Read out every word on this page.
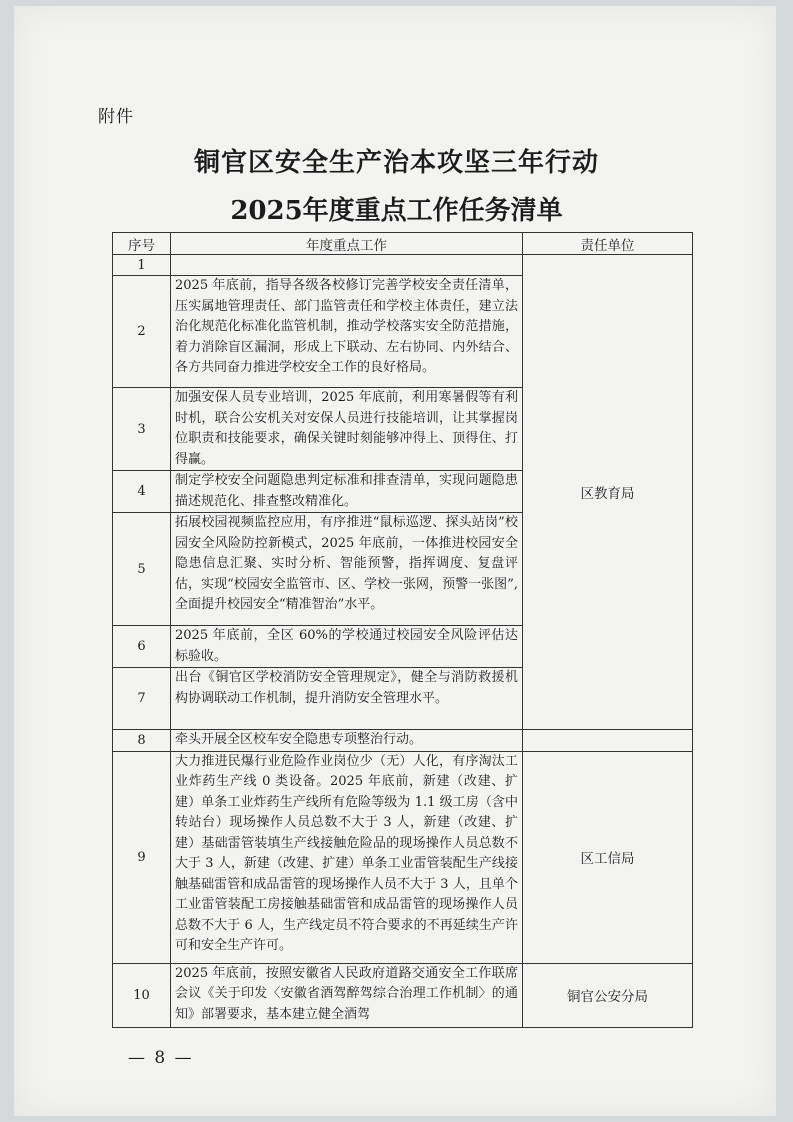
附件
铜官区安全生产治本攻坚三年行动
2025年度重点工作任务清单
序号	年度重点工作	责任单位
1		区教育局
2	2025 年底前，指导各级各校修订完善学校安全责任清单，压实属地管理责任、部门监管责任和学校主体责任，建立法治化规范化标准化监管机制，推动学校落实安全防范措施，着力消除盲区漏洞，形成上下联动、左右协同、内外结合、各方共同奋力推进学校安全工作的良好格局。	
3	加强安保人员专业培训，2025 年底前，利用寒暑假等有利时机，联合公安机关对安保人员进行技能培训，让其掌握岗位职责和技能要求，确保关键时刻能够冲得上、顶得住、打得赢。	
4	制定学校安全问题隐患判定标准和排查清单，实现问题隐患描述规范化、排查整改精准化。	
5	拓展校园视频监控应用，有序推进“鼠标巡逻、探头站岗”校园安全风险防控新模式，2025 年底前，一体推进校园安全隐患信息汇聚、实时分析、智能预警，指挥调度、复盘评估，实现“校园安全监管市、区、学校一张网，预警一张图”,全面提升校园安全“精准智治”水平。	
6	2025 年底前，全区 60%的学校通过校园安全风险评估达标验收。	
7	出台《铜官区学校消防安全管理规定》，健全与消防救援机构协调联动工作机制，提升消防安全管理水平。	
8	牵头开展全区校车安全隐患专项整治行动。	
9	大力推进民爆行业危险作业岗位少（无）人化，有序淘汰工业炸药生产线 0 类设备。2025 年底前，新建（改建、扩建）单条工业炸药生产线所有危险等级为 1.1 级工房（含中转站台）现场操作人员总数不大于 3 人，新建（改建、扩建）基础雷管装填生产线接触危险品的现场操作人员总数不大于 3 人，新建（改建、扩建）单条工业雷管装配生产线接触基础雷管和成品雷管的现场操作人员不大于 3 人，且单个工业雷管装配工房接触基础雷管和成品雷管的现场操作人员总数不大于 6 人，生产线定员不符合要求的不再延续生产许可和安全生产许可。	区工信局
10	2025 年底前，按照安徽省人民政府道路交通安全工作联席会议《关于印发〈安徽省酒驾醉驾综合治理工作机制〉的通知》部署要求，基本建立健全酒驾	铜官公安分局
— 8 —
